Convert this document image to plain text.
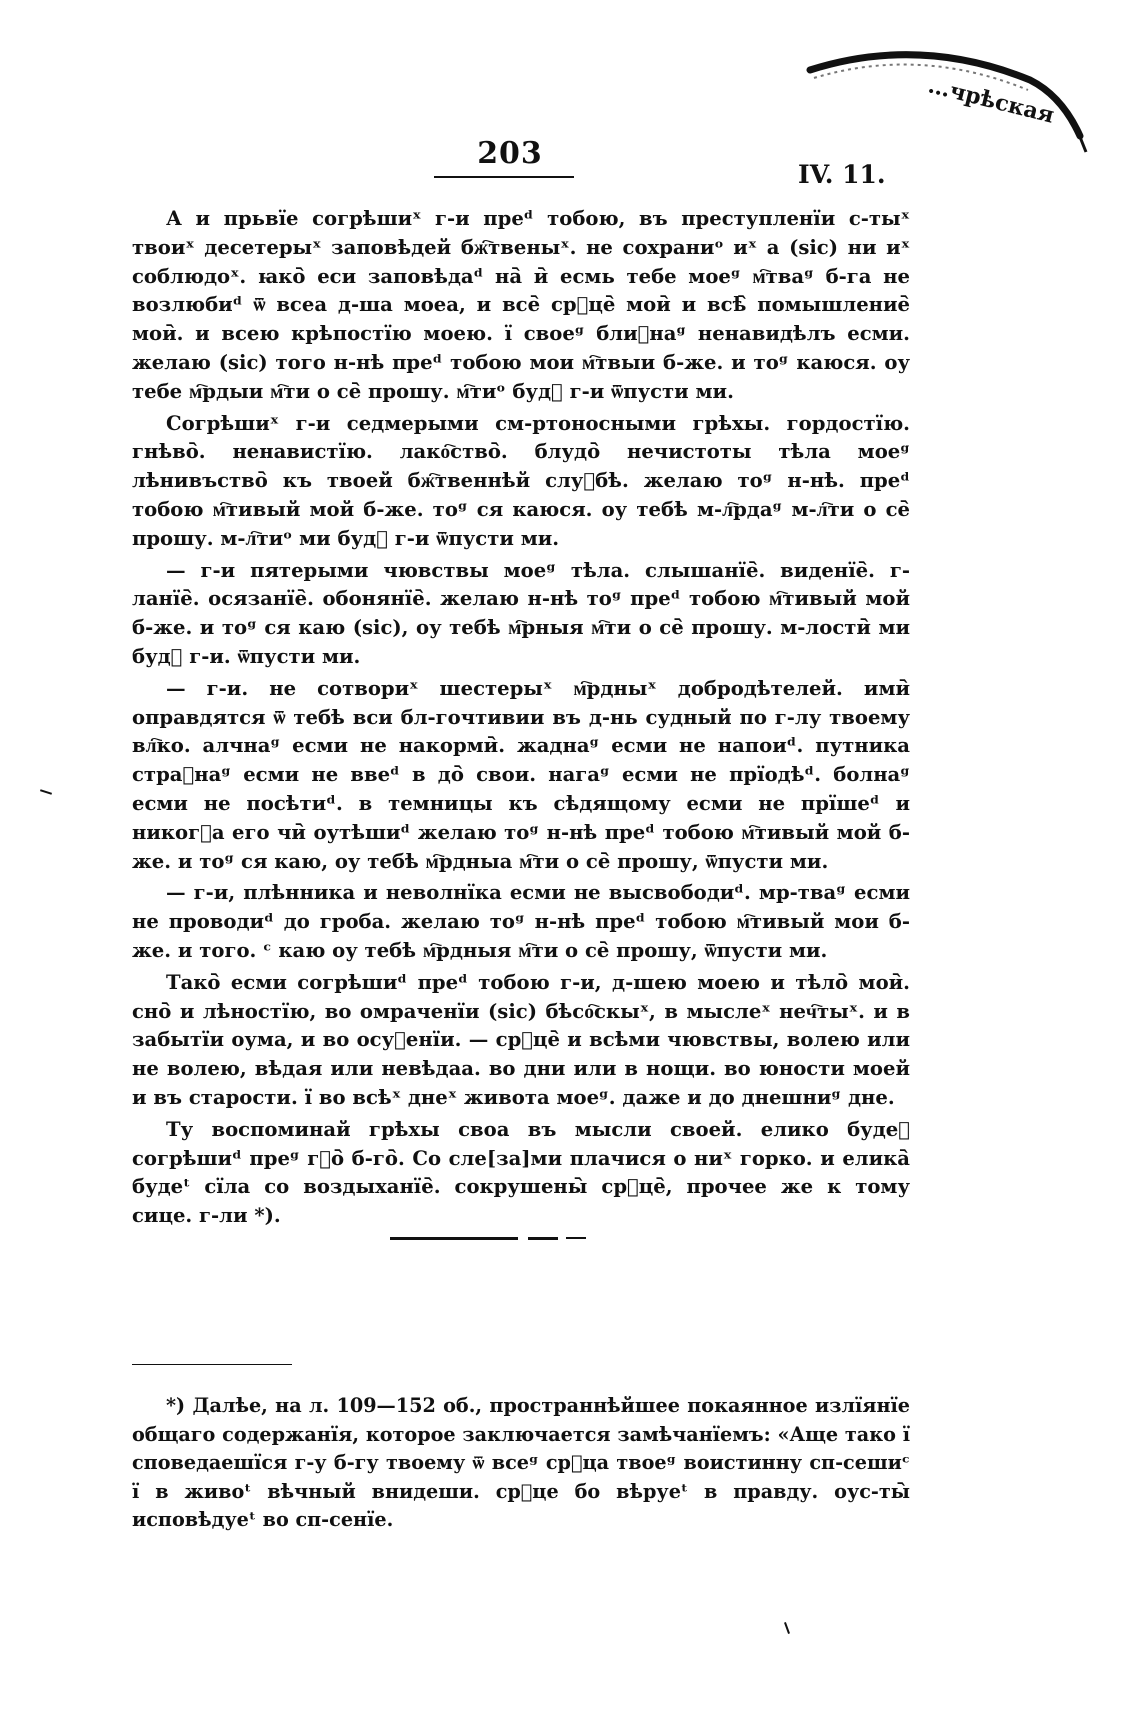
…чрѣская
203
IV. 11.

А и прьвїе согрѣшиˣ г-и преᵈ тобою, въ преступленїи с-тыˣ твоиˣ десетерыˣ заповѣдей бж҇твеныˣ. не сохраниᵒ иˣ а (sic) ни иˣ соблюдоˣ. ꙗко᷆ еси заповѣдаᵈ на᷆ и᷆ есмь тебе моеᵍ м҇твaᵍ б-га не возлюбиᵈ ѿ всеа д-ша моеа, и все᷆ срⷣце᷆ мои᷆ и всѣ᷆ помышление᷆ мои᷆. и всею крѣпостїю моею. ї своеᵍ блиⷤнаᵍ ненавидѣлъ есми. желаю (sic) того н-нѣ преᵈ тобою мои м҇твыи б-же. и тоᵍ каюся. оу тебе м҇рдыи м҇ти о се᷆ прошу. м҇тиᵒ будꙵ г-и ѿпусти ми.

Согрѣшиˣ г-и седмерыми см-ртоносными грѣхы. гордостїю. гнѣво᷆. ненавистїю. лако҇ство᷆. блудо᷆ нечистоты тѣла моеᵍ лѣнивъство᷆ къ твоей бж҇твеннѣй слуⷤбѣ. желаю тоᵍ н-нѣ. преᵈ тобою м҇тивый мой б-же. тоᵍ ся каюся. оу тебѣ м-л҇рдаᵍ м-л҇ти о се᷆ прошу. м-л҇тиᵒ ми будꙵ г-и ѿпусти ми.

— г-и пятерыми чювствы моеᵍ тѣла. слышанїе᷆. виденїе᷆. г-ланїе᷆. осязанїе᷆. обонянїе᷆. желаю н-нѣ тоᵍ преᵈ тобою м҇тивый мой б-же. и тоᵍ ся каю (sic), оу тебѣ м҇рныя м҇ти о се᷆ прошу. м-лости᷆ ми будꙵ г-и. ѿпусти ми.

— г-и. не сотвориˣ шестерыˣ м҇рдныˣ добродѣтелей. ими᷆ оправдятся ѿ тебѣ вси бл-гочтивии въ д-нь судный по г-лу твоему вл҇ко. алчнаᵍ есми не накорми᷆. жаднаᵍ есми не напоиᵈ. путника страⷩнаᵍ есми не ввеᵈ в до᷆ свои. нагаᵍ есми не прїодѣᵈ. болнаᵍ есми не посѣтиᵈ. в темницы къ сѣдящому есми не прїшеᵈ и никогⷣа его чи᷆ оутѣшиᵈ желаю тоᵍ н-нѣ преᵈ тобою м҇тивый мой б-же. и тоᵍ ся каю, оу тебѣ м҇рдныа м҇ти о се᷆ прошу, ѿпусти ми.

— г-и, плѣнника и неволнїка есми не высвободиᵈ. мр-тваᵍ есми не проводиᵈ до гроба. желаю тоᵍ н-нѣ преᵈ тобою м҇тивый мои б-же. и того. ᶜ каю оу тебѣ м҇рдныя м҇ти о се᷆ прошу, ѿпусти ми.

Тако᷆ есми согрѣшиᵈ преᵈ тобою г-и, д-шею моею и тѣло᷆ мои᷆. сно᷆ и лѣностїю, во омраченїи (sic) бѣсо҇скыˣ, в мыслеˣ неч҇тыˣ. и в забытїи оума, и во осуⷤенїи. — срⷣце᷆ и всѣми чювствы, волею или не волею, вѣдая или невѣдаа. во дни или в нощи. во юности моей и въ старости. ї во всѣˣ днеˣ живота моеᵍ. даже и до днешниᵍ дне.

Ту воспоминай грѣхы своа въ мысли своей. елико будеⷲ согрѣшиᵈ преᵍ гⷣо᷆ б-го᷆. Со сле[за]ми плачися о ниˣ горко. и елика᷆ будеᵗ сїла со воздыханїе᷆. сокрушены᷆ срⷣце᷆, прочее же к тому сице. г-ли *).

*) Далѣе, на л. 109—152 об., пространнѣйшее покаянное излїянїе общаго содержанїя, которое заключается замѣчанїемъ: «Аще тако ї споведаешїся г-у б-гу твоему ѿ всеᵍ срⷣца твоеᵍ воистинну сп-сешиᶜ ї в живоᵗ вѣчный внидеши. срⷣце бо вѣруеᵗ в правду. оус-ты᷆ исповѣдуеᵗ во сп-сенїе.
